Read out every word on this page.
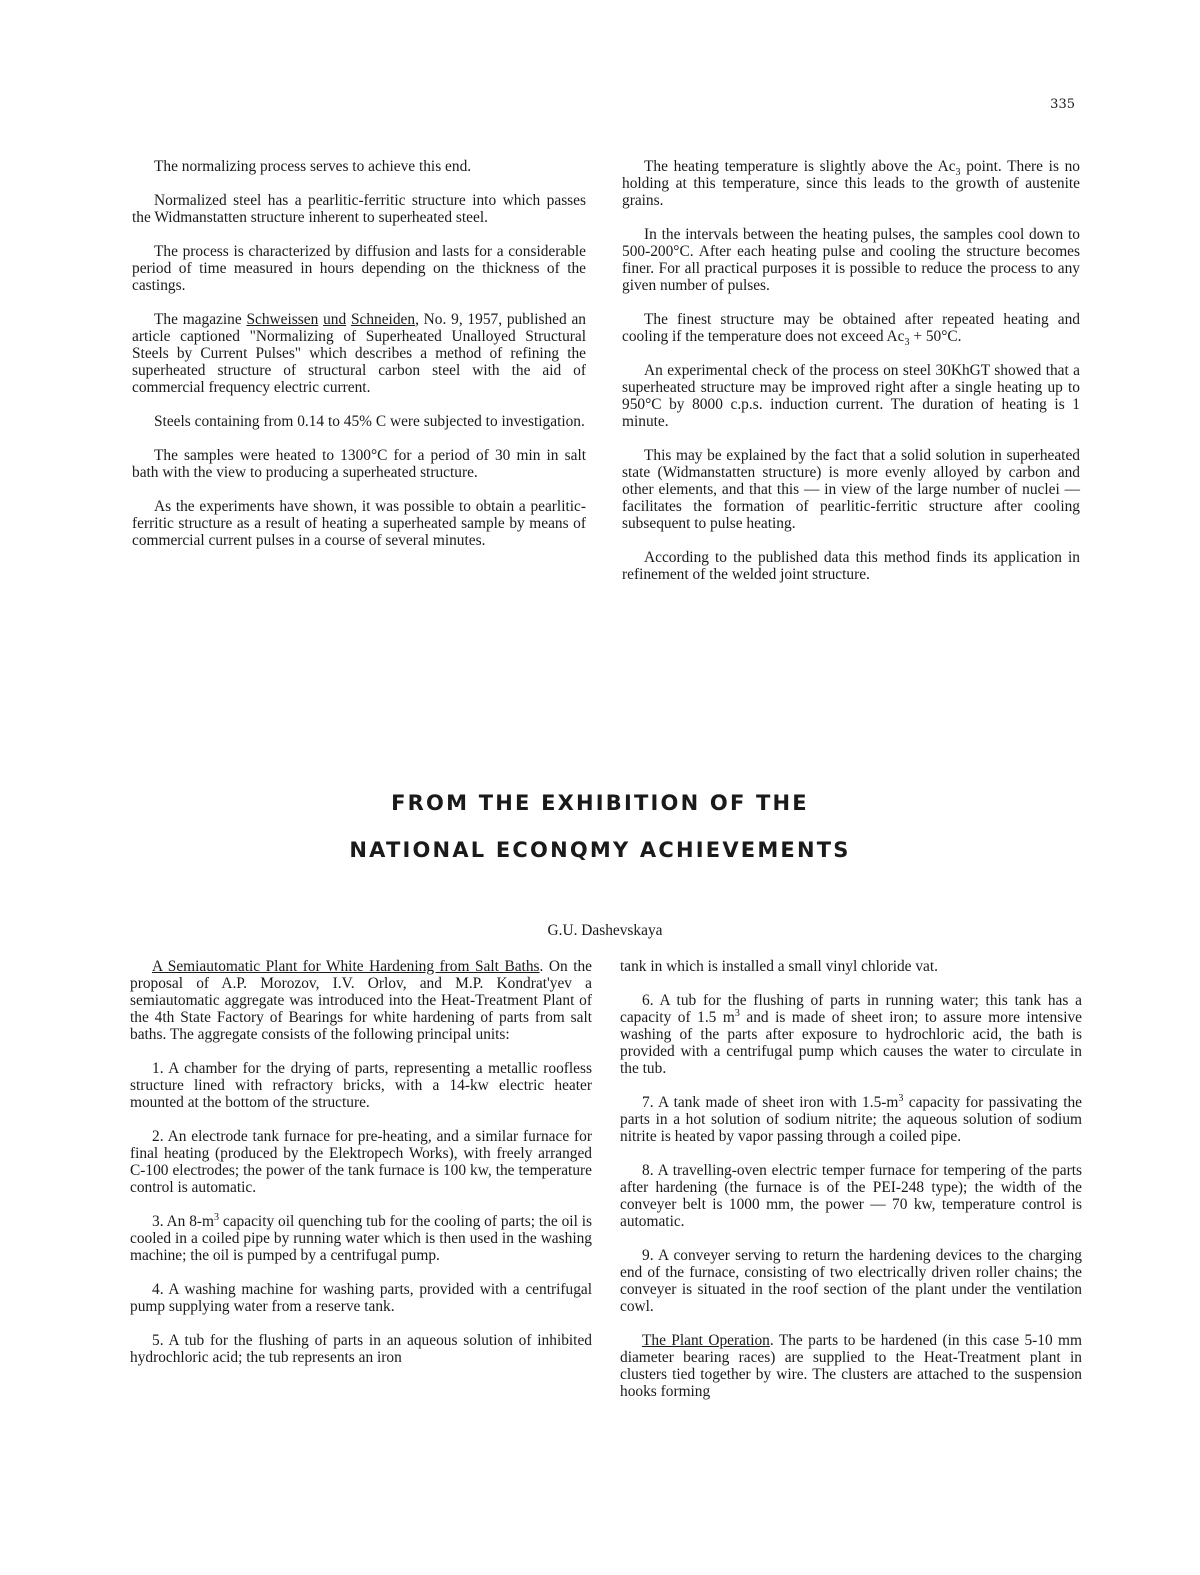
335

The normalizing process serves to achieve this end.

Normalized steel has a pearlitic-ferritic structure into which passes the Widmanstatten structure inherent to superheated steel.

The process is characterized by diffusion and lasts for a considerable period of time measured in hours depending on the thickness of the castings.

The magazine Schweissen und Schneiden, No. 9, 1957, published an article captioned "Normalizing of Superheated Unalloyed Structural Steels by Current Pulses" which describes a method of refining the superheated structure of structural carbon steel with the aid of commercial frequency electric current.

Steels containing from 0.14 to 45% C were subjected to investigation.

The samples were heated to 1300°C for a period of 30 min in salt bath with the view to producing a superheated structure.

As the experiments have shown, it was possible to obtain a pearlitic-ferritic structure as a result of heating a superheated sample by means of commercial current pulses in a course of several minutes.

The heating temperature is slightly above the $Ac_3$ point. There is no holding at this temperature, since this leads to the growth of austenite grains.

In the intervals between the heating pulses, the samples cool down to 500-200°C. After each heating pulse and cooling the structure becomes finer. For all practical purposes it is possible to reduce the process to any given number of pulses.

The finest structure may be obtained after repeated heating and cooling if the temperature does not exceed $Ac_3 + 50^\circ C$.

An experimental check of the process on steel 30KhGT showed that a superheated structure may be improved right after a single heating up to 950°C by 8000 c.p.s. induction current. The duration of heating is 1 minute.

This may be explained by the fact that a solid solution in superheated state (Widmanstatten structure) is more evenly alloyed by carbon and other elements, and that this — in view of the large number of nuclei — facilitates the formation of pearlitic-ferritic structure after cooling subsequent to pulse heating.

According to the published data this method finds its application in refinement of the welded joint structure.

FROM THE EXHIBITION OF THE
NATIONAL ECONQMY ACHIEVEMENTS
G.U. Dashevskaya

A Semiautomatic Plant for White Hardening from Salt Baths. On the proposal of A.P. Morozov, I.V. Orlov, and M.P. Kondrat'yev a semiautomatic aggregate was introduced into the Heat-Treatment Plant of the 4th State Factory of Bearings for white hardening of parts from salt baths. The aggregate consists of the following principal units:

1. A chamber for the drying of parts, representing a metallic roofless structure lined with refractory bricks, with a 14-kw electric heater mounted at the bottom of the structure.

2. An electrode tank furnace for pre-heating, and a similar furnace for final heating (produced by the Elektropech Works), with freely arranged C-100 electrodes; the power of the tank furnace is 100 kw, the temperature control is automatic.

3. An $8-m^3$ capacity oil quenching tub for the cooling of parts; the oil is cooled in a coiled pipe by running water which is then used in the washing machine; the oil is pumped by a centrifugal pump.

4. A washing machine for washing parts, provided with a centrifugal pump supplying water from a reserve tank.

5. A tub for the flushing of parts in an aqueous solution of inhibited hydrochloric acid; the tub represents an iron

tank in which is installed a small vinyl chloride vat.

6. A tub for the flushing of parts in running water; this tank has a capacity of 1.5 $m^3$ and is made of sheet iron; to assure more intensive washing of the parts after exposure to hydrochloric acid, the bath is provided with a centrifugal pump which causes the water to circulate in the tub.

7. A tank made of sheet iron with $1.5-m^3$ capacity for passivating the parts in a hot solution of sodium nitrite; the aqueous solution of sodium nitrite is heated by vapor passing through a coiled pipe.

8. A travelling-oven electric temper furnace for tempering of the parts after hardening (the furnace is of the PEI-248 type); the width of the conveyer belt is 1000 mm, the power — 70 kw, temperature control is automatic.

9. A conveyer serving to return the hardening devices to the charging end of the furnace, consisting of two electrically driven roller chains; the conveyer is situated in the roof section of the plant under the ventilation cowl.

The Plant Operation. The parts to be hardened (in this case 5-10 mm diameter bearing races) are supplied to the Heat-Treatment plant in clusters tied together by wire. The clusters are attached to the suspension hooks forming
